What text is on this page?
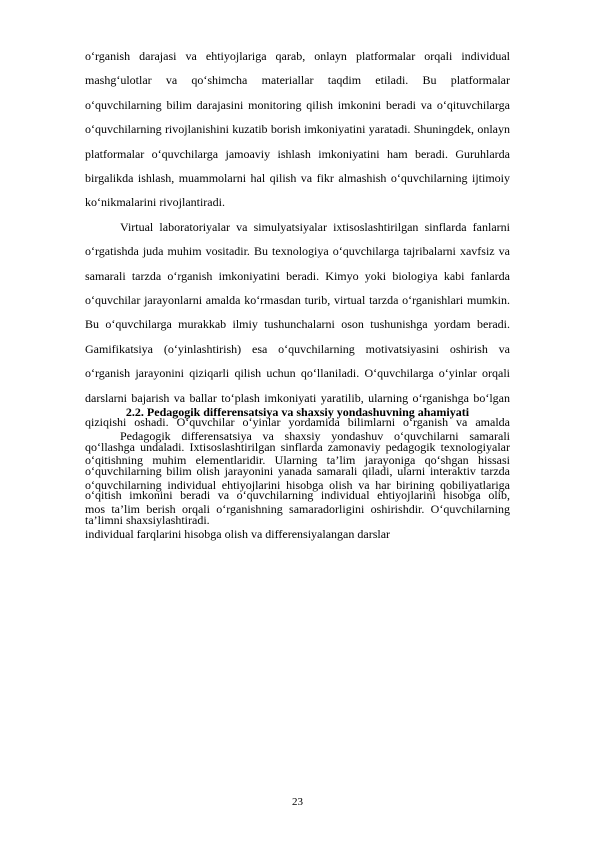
o‘rganish darajasi va ehtiyojlariga qarab, onlayn platformalar orqali individual mashg‘ulotlar va qo‘shimcha materiallar taqdim etiladi. Bu platformalar o‘quvchilarning bilim darajasini monitoring qilish imkonini beradi va o‘qituvchilarga o‘quvchilarning rivojlanishini kuzatib borish imkoniyatini yaratadi. Shuningdek, onlayn platformalar o‘quvchilarga jamoaviy ishlash imkoniyatini ham beradi. Guruhlarda birgalikda ishlash, muammolarni hal qilish va fikr almashish o‘quvchilarning ijtimoiy ko‘nikmalarini rivojlantiradi.

Virtual laboratoriyalar va simulyatsiyalar ixtisoslashtirilgan sinflarda fanlarni o‘rgatishda juda muhim vositadir. Bu texnologiya o‘quvchilarga tajribalarni xavfsiz va samarali tarzda o‘rganish imkoniyatini beradi. Kimyo yoki biologiya kabi fanlarda o‘quvchilar jarayonlarni amalda ko‘rmasdan turib, virtual tarzda o‘rganishlari mumkin. Bu o‘quvchilarga murakkab ilmiy tushunchalarni oson tushunishga yordam beradi. Gamifikatsiya (o‘yinlashtirish) esa o‘quvchilarning motivatsiyasini oshirish va o‘rganish jarayonini qiziqarli qilish uchun qo‘llaniladi. O‘quvchilarga o‘yinlar orqali darslarni bajarish va ballar to‘plash imkoniyati yaratilib, ularning o‘rganishga bo‘lgan qiziqishi oshadi. O‘quvchilar o‘yinlar yordamida bilimlarni o‘rganish va amalda qo‘llashga undaladi. Ixtisoslashtirilgan sinflarda zamonaviy pedagogik texnologiyalar o‘quvchilarning bilim olish jarayonini yanada samarali qiladi, ularni interaktiv tarzda o‘qitish imkonini beradi va o‘quvchilarning individual ehtiyojlarini hisobga olib, ta’limni shaxsiylashtiradi.

2.2. Pedagogik differensatsiya va shaxsiy yondashuvning ahamiyati

Pedagogik differensatsiya va shaxsiy yondashuv o‘quvchilarni samarali o‘qitishning muhim elementlaridir. Ularning ta’lim jarayoniga qo‘shgan hissasi o‘quvchilarning individual ehtiyojlarini hisobga olish va har birining qobiliyatlariga mos ta’lim berish orqali o‘rganishning samaradorligini oshirishdir. O‘quvchilarning individual farqlarini hisobga olish va differensiyalangan darslar

23
